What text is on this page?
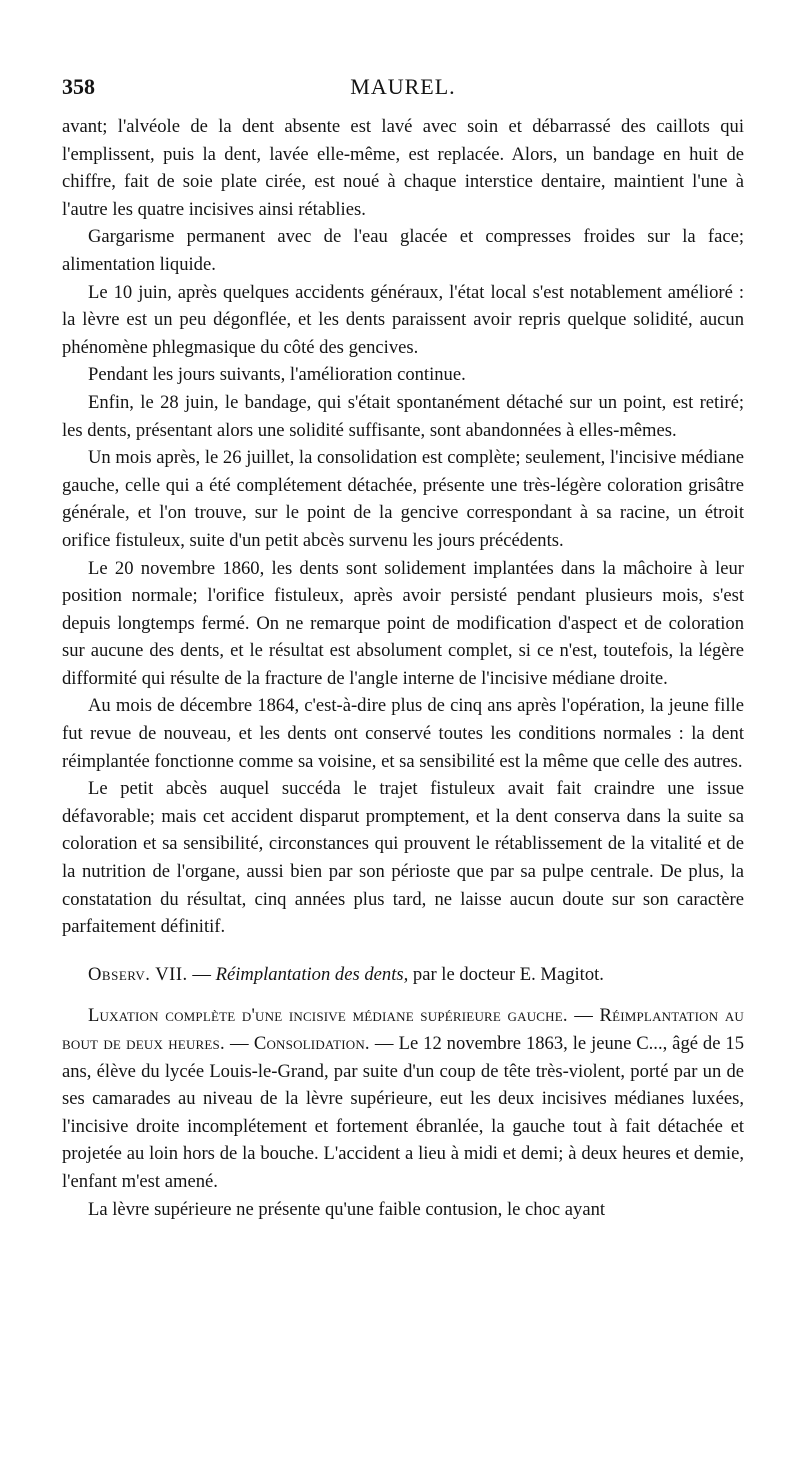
358	MAUREL.

avant; l'alvéole de la dent absente est lavé avec soin et débarrassé des caillots qui l'emplissent, puis la dent, lavée elle-même, est replacée. Alors, un bandage en huit de chiffre, fait de soie plate cirée, est noué à chaque interstice dentaire, maintient l'une à l'autre les quatre incisives ainsi rétablies.

Gargarisme permanent avec de l'eau glacée et compresses froides sur la face; alimentation liquide.

Le 10 juin, après quelques accidents généraux, l'état local s'est notablement amélioré : la lèvre est un peu dégonflée, et les dents paraissent avoir repris quelque solidité, aucun phénomène phlegmasique du côté des gencives.

Pendant les jours suivants, l'amélioration continue.

Enfin, le 28 juin, le bandage, qui s'était spontanément détaché sur un point, est retiré; les dents, présentant alors une solidité suffisante, sont abandonnées à elles-mêmes.

Un mois après, le 26 juillet, la consolidation est complète; seulement, l'incisive médiane gauche, celle qui a été complétement détachée, présente une très-légère coloration grisâtre générale, et l'on trouve, sur le point de la gencive correspondant à sa racine, un étroit orifice fistuleux, suite d'un petit abcès survenu les jours précédents.

Le 20 novembre 1860, les dents sont solidement implantées dans la mâchoire à leur position normale; l'orifice fistuleux, après avoir persisté pendant plusieurs mois, s'est depuis longtemps fermé. On ne remarque point de modification d'aspect et de coloration sur aucune des dents, et le résultat est absolument complet, si ce n'est, toutefois, la légère difformité qui résulte de la fracture de l'angle interne de l'incisive médiane droite.

Au mois de décembre 1864, c'est-à-dire plus de cinq ans après l'opération, la jeune fille fut revue de nouveau, et les dents ont conservé toutes les conditions normales : la dent réimplantée fonctionne comme sa voisine, et sa sensibilité est la même que celle des autres.

Le petit abcès auquel succéda le trajet fistuleux avait fait craindre une issue défavorable; mais cet accident disparut promptement, et la dent conserva dans la suite sa coloration et sa sensibilité, circonstances qui prouvent le rétablissement de la vitalité et de la nutrition de l'organe, aussi bien par son périoste que par sa pulpe centrale. De plus, la constatation du résultat, cinq années plus tard, ne laisse aucun doute sur son caractère parfaitement définitif.

Observ. VII. — Réimplantation des dents, par le docteur E. Magitot.

Luxation complète d'une incisive médiane supérieure gauche. — Réimplantation au bout de deux heures. — Consolidation. — Le 12 novembre 1863, le jeune C..., âgé de 15 ans, élève du lycée Louis-le-Grand, par suite d'un coup de tête très-violent, porté par un de ses camarades au niveau de la lèvre supérieure, eut les deux incisives médianes luxées, l'incisive droite incomplétement et fortement ébranlée, la gauche tout à fait détachée et projetée au loin hors de la bouche. L'accident a lieu à midi et demi; à deux heures et demie, l'enfant m'est amené.

La lèvre supérieure ne présente qu'une faible contusion, le choc ayant
